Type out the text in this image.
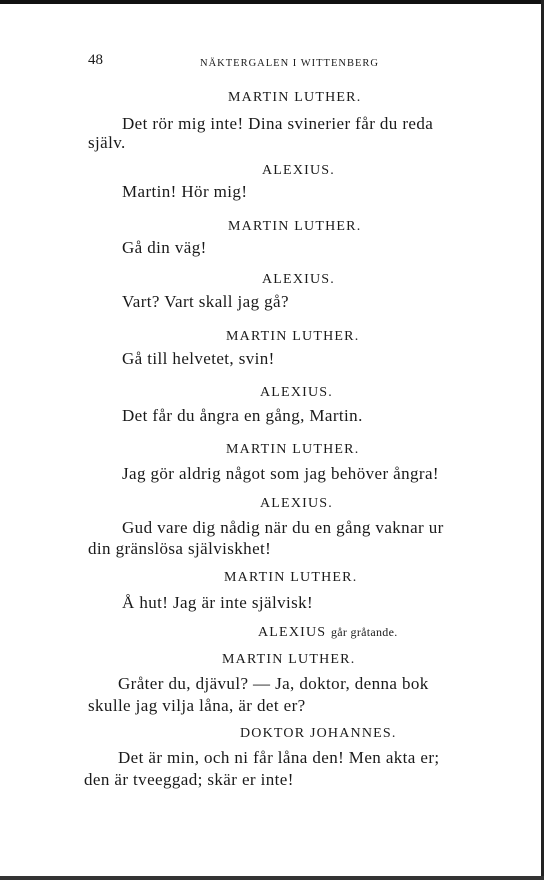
48	NÄKTERGALEN I WITTENBERG
MARTIN LUTHER.
Det rör mig inte! Dina svinerier får du reda
själv.
ALEXIUS.
Martin! Hör mig!
MARTIN LUTHER.
Gå din väg!
ALEXIUS.
Vart? Vart skall jag gå?
MARTIN LUTHER.
Gå till helvetet, svin!
ALEXIUS.
Det får du ångra en gång, Martin.
MARTIN LUTHER.
Jag gör aldrig något som jag behöver ångra!
ALEXIUS.
Gud vare dig nådig när du en gång vaknar ur
din gränslösa själviskhet!
MARTIN LUTHER.
Å hut! Jag är inte självisk!
ALEXIUS går gråtande.
MARTIN LUTHER.
Gråter du, djävul? — Ja, doktor, denna bok
skulle jag vilja låna, är det er?
DOKTOR JOHANNES.
Det är min, och ni får låna den! Men akta er;
den är tveeggad; skär er inte!
